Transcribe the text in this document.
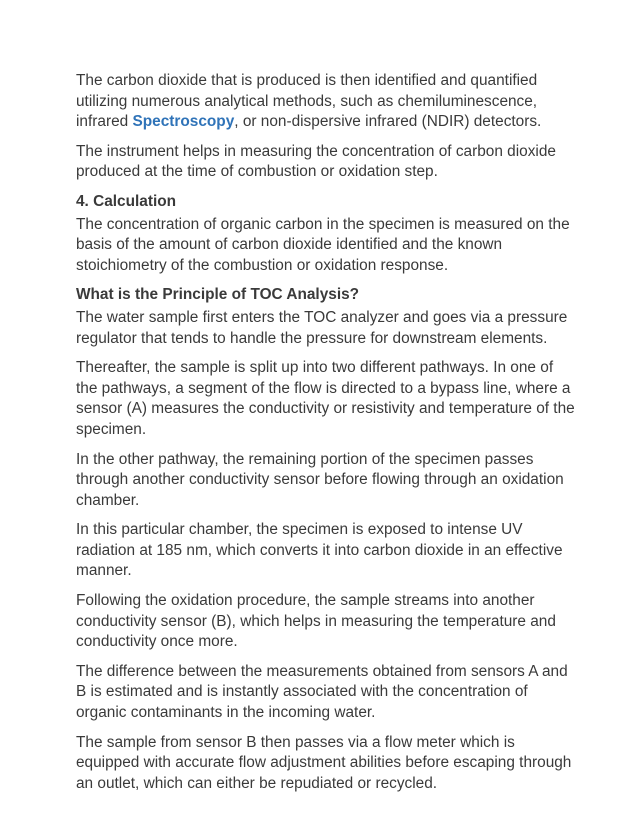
The carbon dioxide that is produced is then identified and quantified utilizing numerous analytical methods, such as chemiluminescence, infrared Spectroscopy, or non-dispersive infrared (NDIR) detectors.

The instrument helps in measuring the concentration of carbon dioxide produced at the time of combustion or oxidation step.

4. Calculation

The concentration of organic carbon in the specimen is measured on the basis of the amount of carbon dioxide identified and the known stoichiometry of the combustion or oxidation response.

What is the Principle of TOC Analysis?

The water sample first enters the TOC analyzer and goes via a pressure regulator that tends to handle the pressure for downstream elements.

Thereafter, the sample is split up into two different pathways. In one of the pathways, a segment of the flow is directed to a bypass line, where a sensor (A) measures the conductivity or resistivity and temperature of the specimen.

In the other pathway, the remaining portion of the specimen passes through another conductivity sensor before flowing through an oxidation chamber.

In this particular chamber, the specimen is exposed to intense UV radiation at 185 nm, which converts it into carbon dioxide in an effective manner.

Following the oxidation procedure, the sample streams into another conductivity sensor (B), which helps in measuring the temperature and conductivity once more.

The difference between the measurements obtained from sensors A and B is estimated and is instantly associated with the concentration of organic contaminants in the incoming water.

The sample from sensor B then passes via a flow meter which is equipped with accurate flow adjustment abilities before escaping through an outlet, which can either be repudiated or recycled.
